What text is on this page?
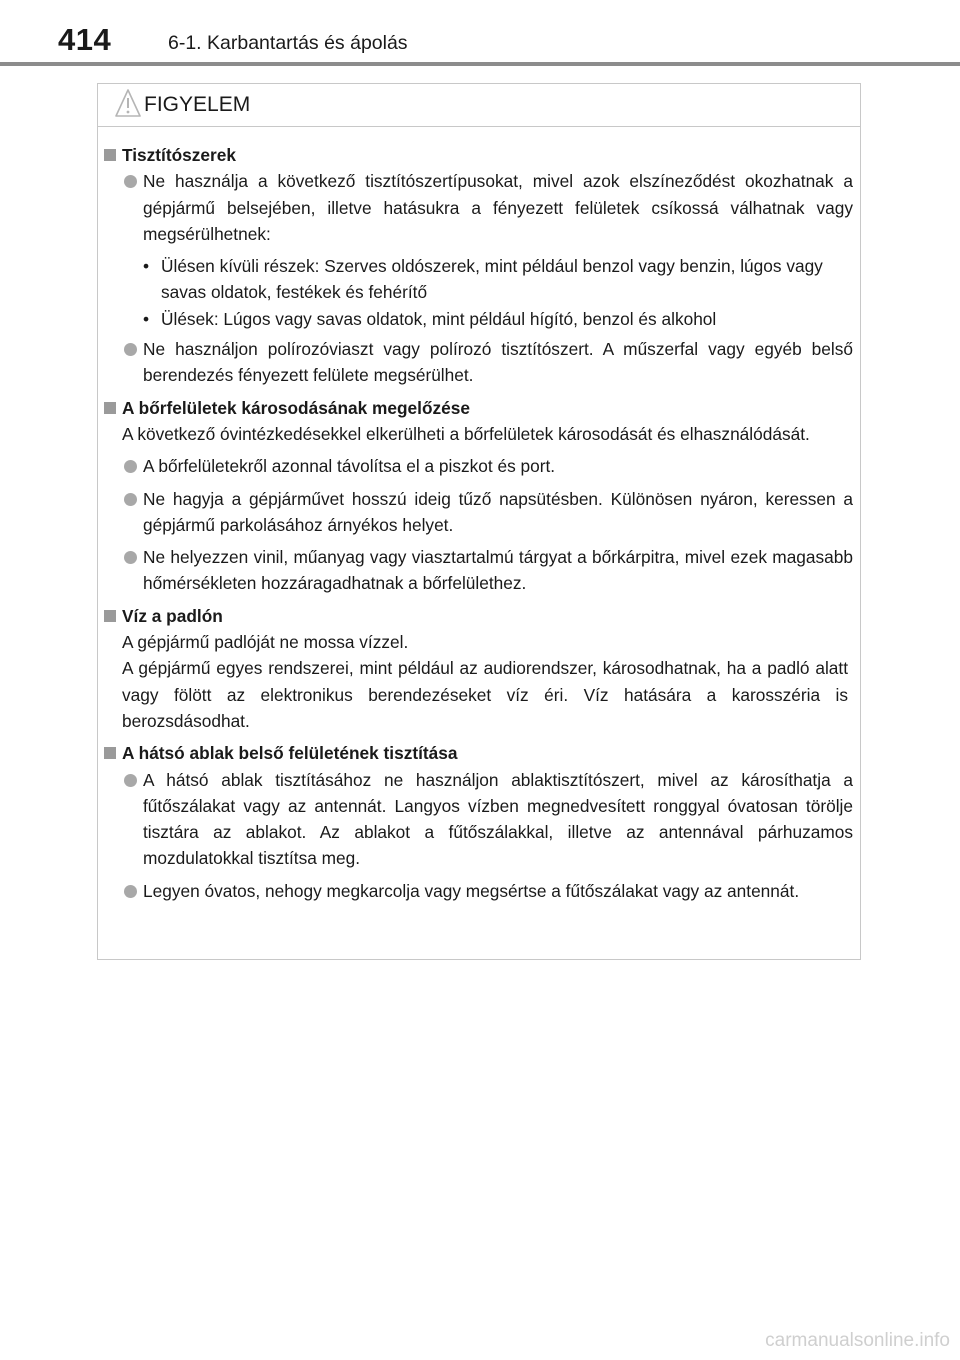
414	6-1. Karbantartás és ápolás
FIGYELEM
Tisztítószerek
Ne használja a következő tisztítószertípusokat, mivel azok elszíneződést okozhatnak a gépjármű belsejében, illetve hatásukra a fényezett felületek csíkossá válhatnak vagy megsérülhetnek:
• Ülésen kívüli részek: Szerves oldószerek, mint például benzol vagy benzin, lúgos vagy savas oldatok, festékek és fehérítő
• Ülések: Lúgos vagy savas oldatok, mint például hígító, benzol és alkohol
Ne használjon polírozóviaszt vagy polírozó tisztítószert. A műszerfal vagy egyéb belső berendezés fényezett felülete megsérülhet.
A bőrfelületek károsodásának megelőzése
A következő óvintézkedésekkel elkerülheti a bőrfelületek károsodását és elhasználódását.
A bőrfelületekről azonnal távolítsa el a piszkot és port.
Ne hagyja a gépjárművet hosszú ideig tűző napsütésben. Különösen nyáron, keressen a gépjármű parkolásához árnyékos helyet.
Ne helyezzen vinil, műanyag vagy viasztartalmú tárgyat a bőrkárpitra, mivel ezek magasabb hőmérsékleten hozzáragadhatnak a bőrfelülethez.
Víz a padlón
A gépjármű padlóját ne mossa vízzel.
A gépjármű egyes rendszerei, mint például az audiorendszer, károsodhatnak, ha a padló alatt vagy fölött az elektronikus berendezéseket víz éri. Víz hatására a karosszéria is berozsdásodhat.
A hátsó ablak belső felületének tisztítása
A hátsó ablak tisztításához ne használjon ablaktisztítószert, mivel az károsíthatja a fűtőszálakat vagy az antennát. Langyos vízben megnedvesített ronggyal óvatosan törölje tisztára az ablakot. Az ablakot a fűtőszálakkal, illetve az antennával párhuzamos mozdulatokkal tisztítsa meg.
Legyen óvatos, nehogy megkarcolja vagy megsértse a fűtőszálakat vagy az antennát.
carmanualsonline.info
